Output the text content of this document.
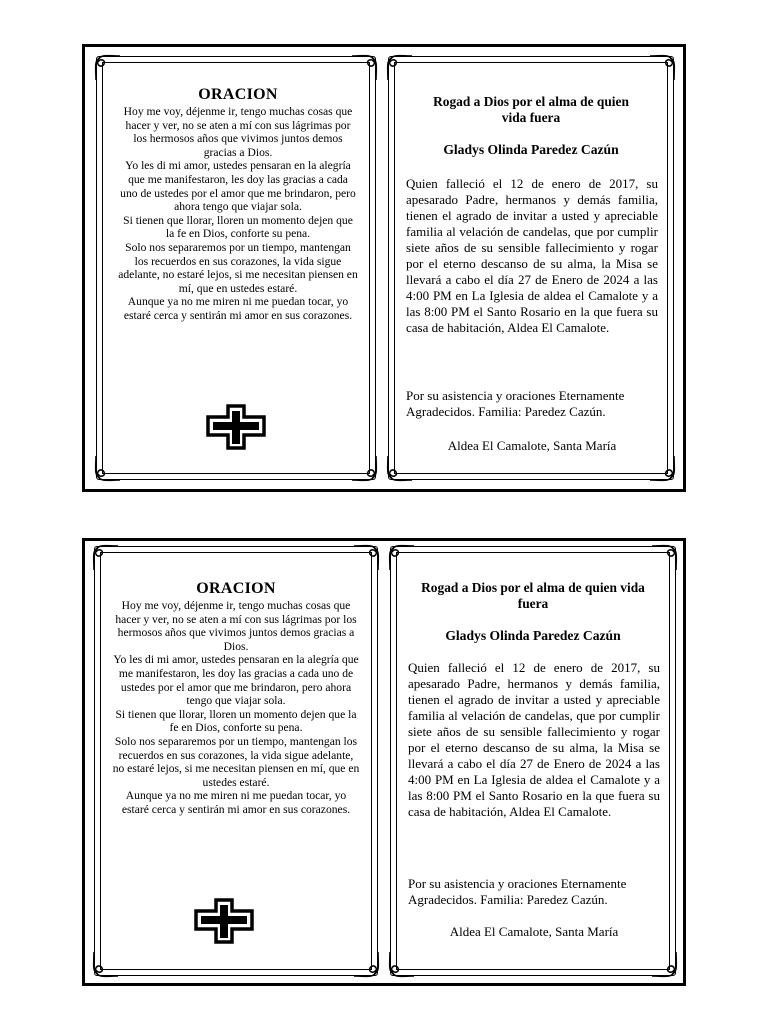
ORACION

Hoy me voy, déjenme ir, tengo muchas cosas que hacer y ver, no se aten a mí con sus lágrimas por los hermosos años que vivimos juntos demos gracias a Dios.

Yo les di mi amor, ustedes pensaran en la alegría que me manifestaron, les doy las gracias a cada uno de ustedes por el amor que me brindaron, pero ahora tengo que viajar sola.

Si tienen que llorar, lloren un momento dejen que la fe en Dios, conforte su pena.

Solo nos separaremos por un tiempo, mantengan los recuerdos en sus corazones, la vida sigue adelante, no estaré lejos, si me necesitan piensen en mí, que en ustedes estaré.

Aunque ya no me miren ni me puedan tocar, yo estaré cerca y sentirán mi amor en sus corazones.

Rogad a Dios por el alma de quien vida fuera
Gladys Olinda Paredez Cazún
Quien falleció el 12 de enero de 2017, su apesarado Padre, hermanos y demás familia, tienen el agrado de invitar a usted y apreciable familia al velación de candelas, que por cumplir siete años de su sensible fallecimiento y rogar por el eterno descanso de su alma, la Misa se llevará a cabo el día 27 de Enero de 2024 a las 4:00 PM en La Iglesia de aldea el Camalote y a las 8:00 PM el Santo Rosario en la que fuera su casa de habitación, Aldea El Camalote.
Por su asistencia y oraciones Eternamente Agradecidos. Familia: Paredez Cazún.
Aldea El Camalote, Santa María
ORACION

Hoy me voy, déjenme ir, tengo muchas cosas que hacer y ver, no se aten a mí con sus lágrimas por los hermosos años que vivimos juntos demos gracias a Dios.

Yo les di mi amor, ustedes pensaran en la alegría que me manifestaron, les doy las gracias a cada uno de ustedes por el amor que me brindaron, pero ahora tengo que viajar sola.

Si tienen que llorar, lloren un momento dejen que la fe en Dios, conforte su pena.

Solo nos separaremos por un tiempo, mantengan los recuerdos en sus corazones, la vida sigue adelante, no estaré lejos, si me necesitan piensen en mí, que en ustedes estaré.

Aunque ya no me miren ni me puedan tocar, yo estaré cerca y sentirán mi amor en sus corazones.

Rogad a Dios por el alma de quien vida fuera
Gladys Olinda Paredez Cazún
Quien falleció el 12 de enero de 2017, su apesarado Padre, hermanos y demás familia, tienen el agrado de invitar a usted y apreciable familia al velación de candelas, que por cumplir siete años de su sensible fallecimiento y rogar por el eterno descanso de su alma, la Misa se llevará a cabo el día 27 de Enero de 2024 a las 4:00 PM en La Iglesia de aldea el Camalote y a las 8:00 PM el Santo Rosario en la que fuera su casa de habitación, Aldea El Camalote.
Por su asistencia y oraciones Eternamente Agradecidos. Familia: Paredez Cazún.
Aldea El Camalote, Santa María
